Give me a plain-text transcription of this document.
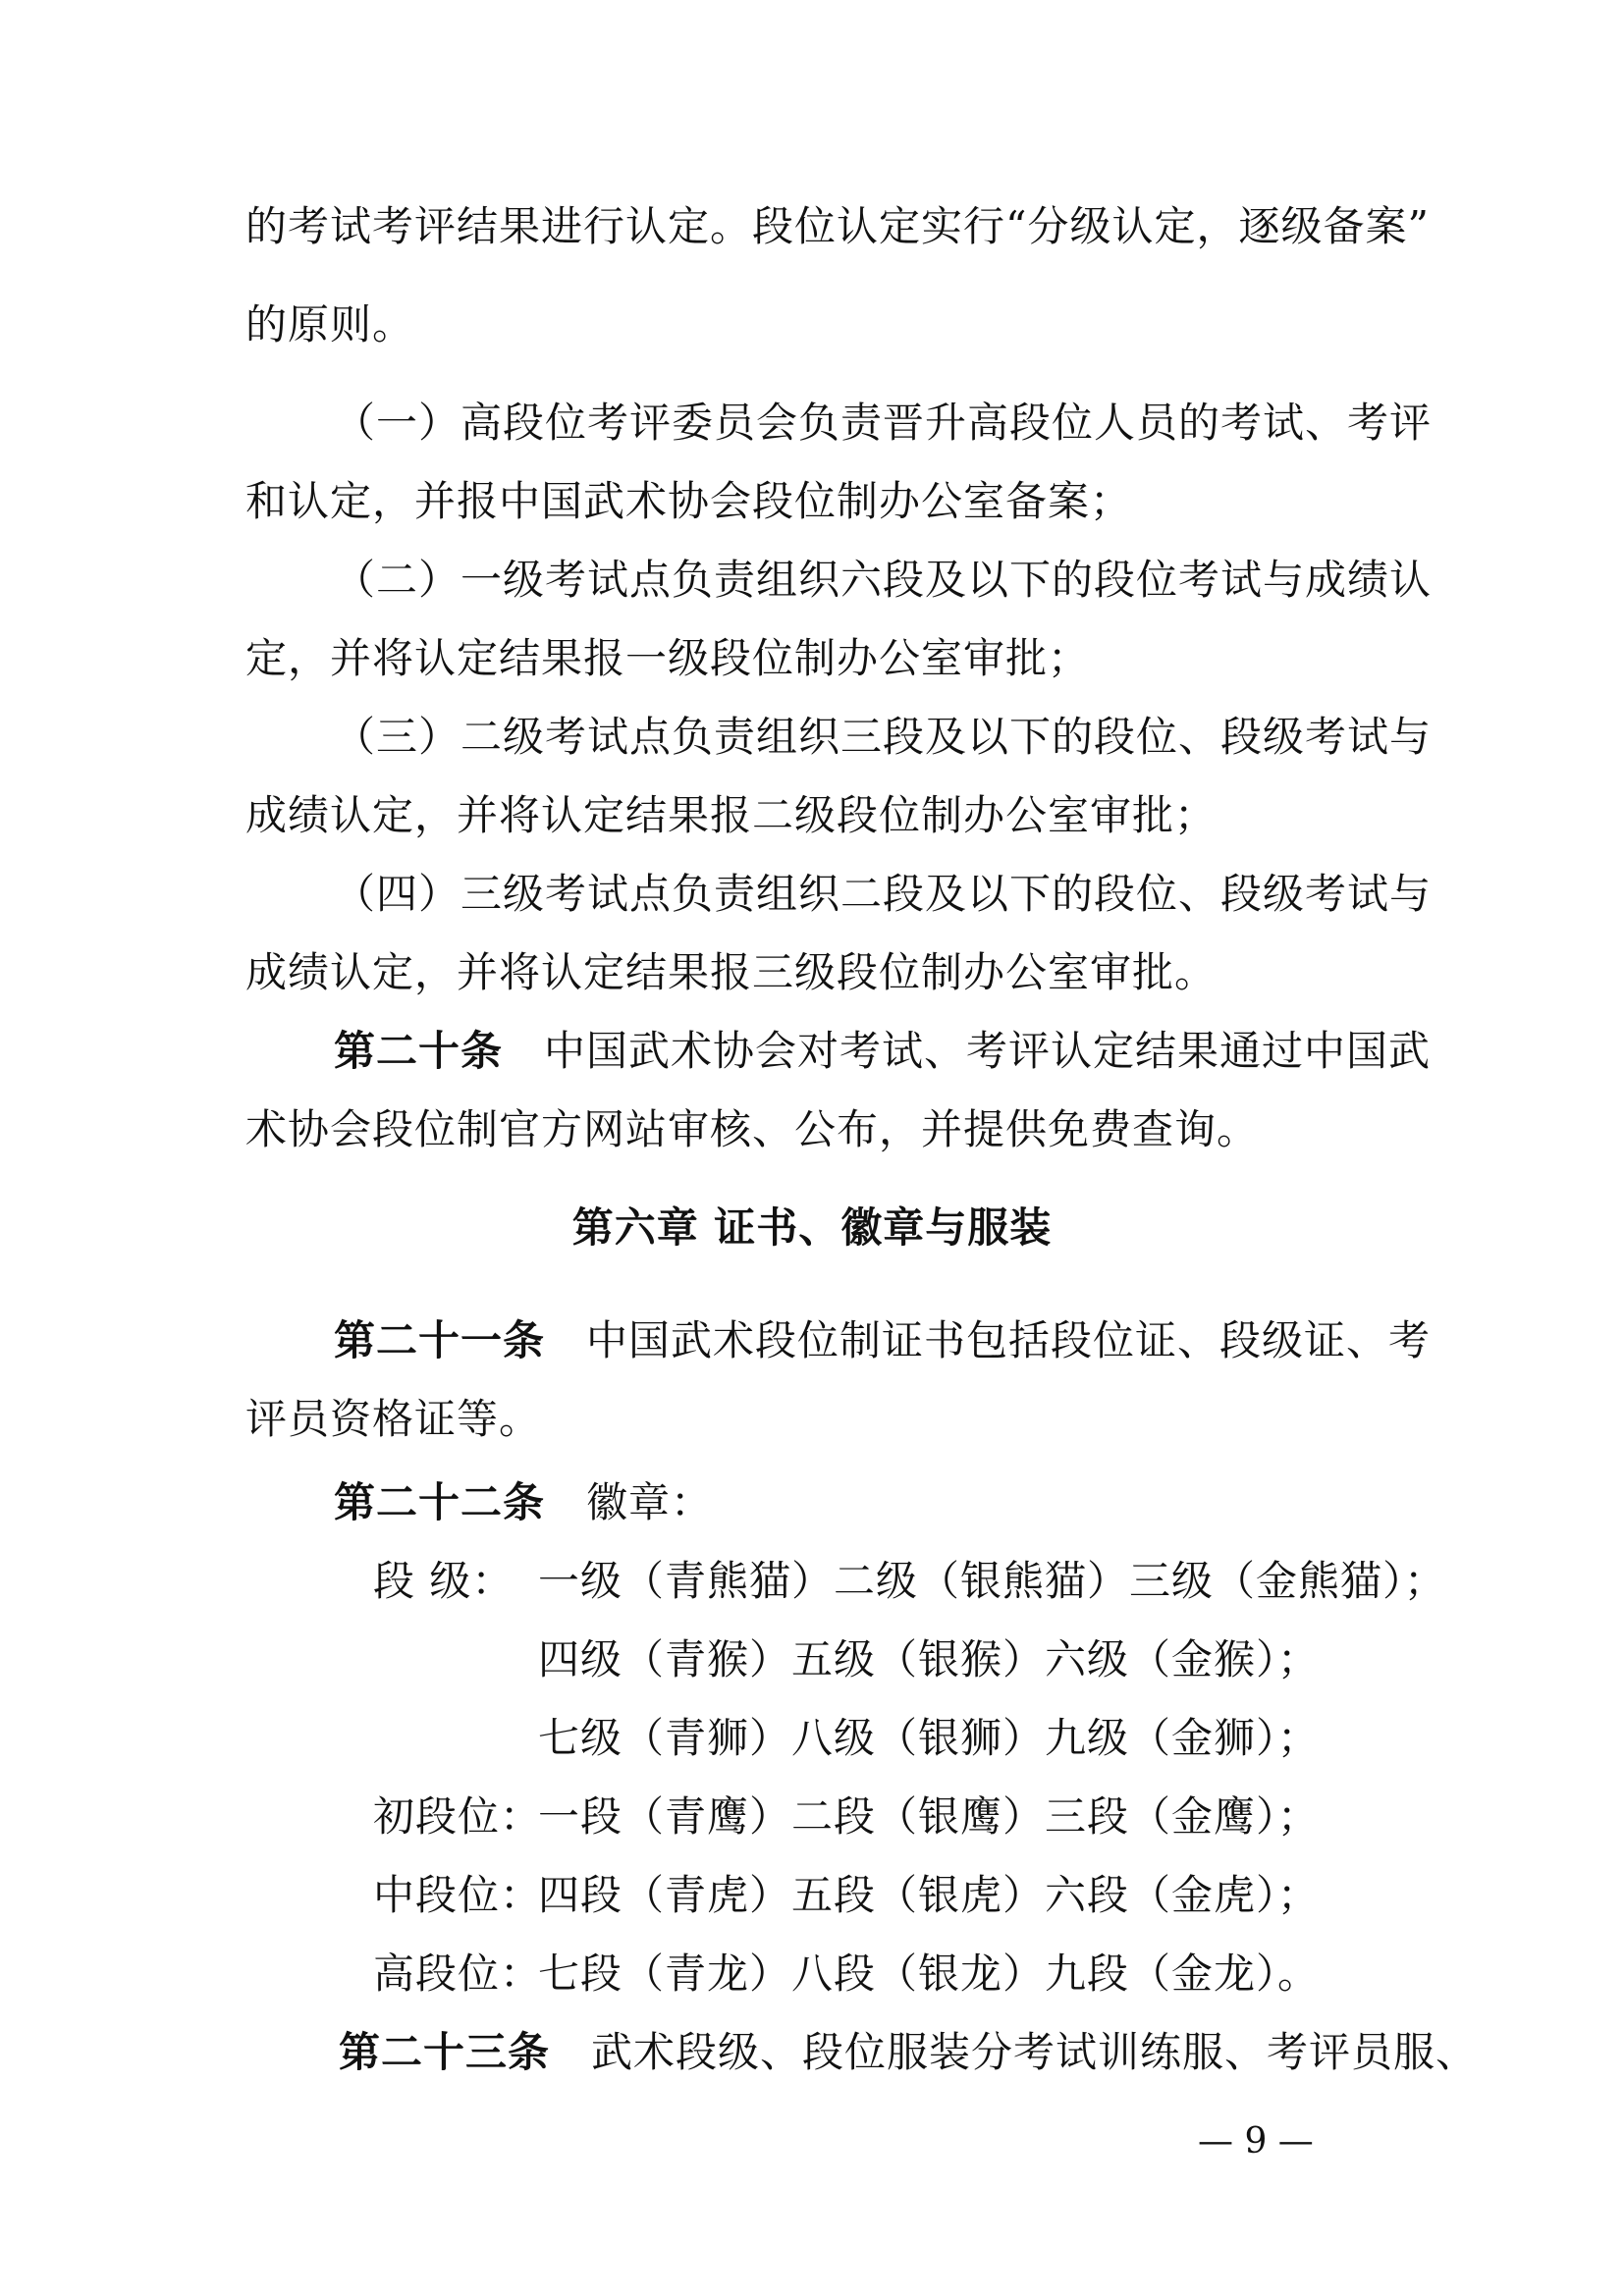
的考试考评结果进行认定。段位认定实行“分级认定，逐级备案”
的原则。
（一）高段位考评委员会负责晋升高段位人员的考试、考评
和认定，并报中国武术协会段位制办公室备案；
（二）一级考试点负责组织六段及以下的段位考试与成绩认
定，并将认定结果报一级段位制办公室审批；
（三）二级考试点负责组织三段及以下的段位、段级考试与
成绩认定，并将认定结果报二级段位制办公室审批；
（四）三级考试点负责组织二段及以下的段位、段级考试与
成绩认定，并将认定结果报三级段位制办公室审批。
第二十条 中国武术协会对考试、考评认定结果通过中国武
术协会段位制官方网站审核、公布，并提供免费查询。
第六章 证书、徽章与服装
第二十一条 中国武术段位制证书包括段位证、段级证、考
评员资格证等。
第二十二条 徽章：
段 级： 一级（青熊猫）二级（银熊猫）三级（金熊猫）；
四级（青猴）五级（银猴）六级（金猴）；
七级（青狮）八级（银狮）九级（金狮）；
初段位：
一段（青鹰）二段（银鹰）三段（金鹰）；
中段位：
四段（青虎）五段（银虎）六段（金虎）；
高段位：
七段（青龙）八段（银龙）九段（金龙）。
第二十三条 武术段级、段位服装分考试训练服、考评员服、
— 9 —
